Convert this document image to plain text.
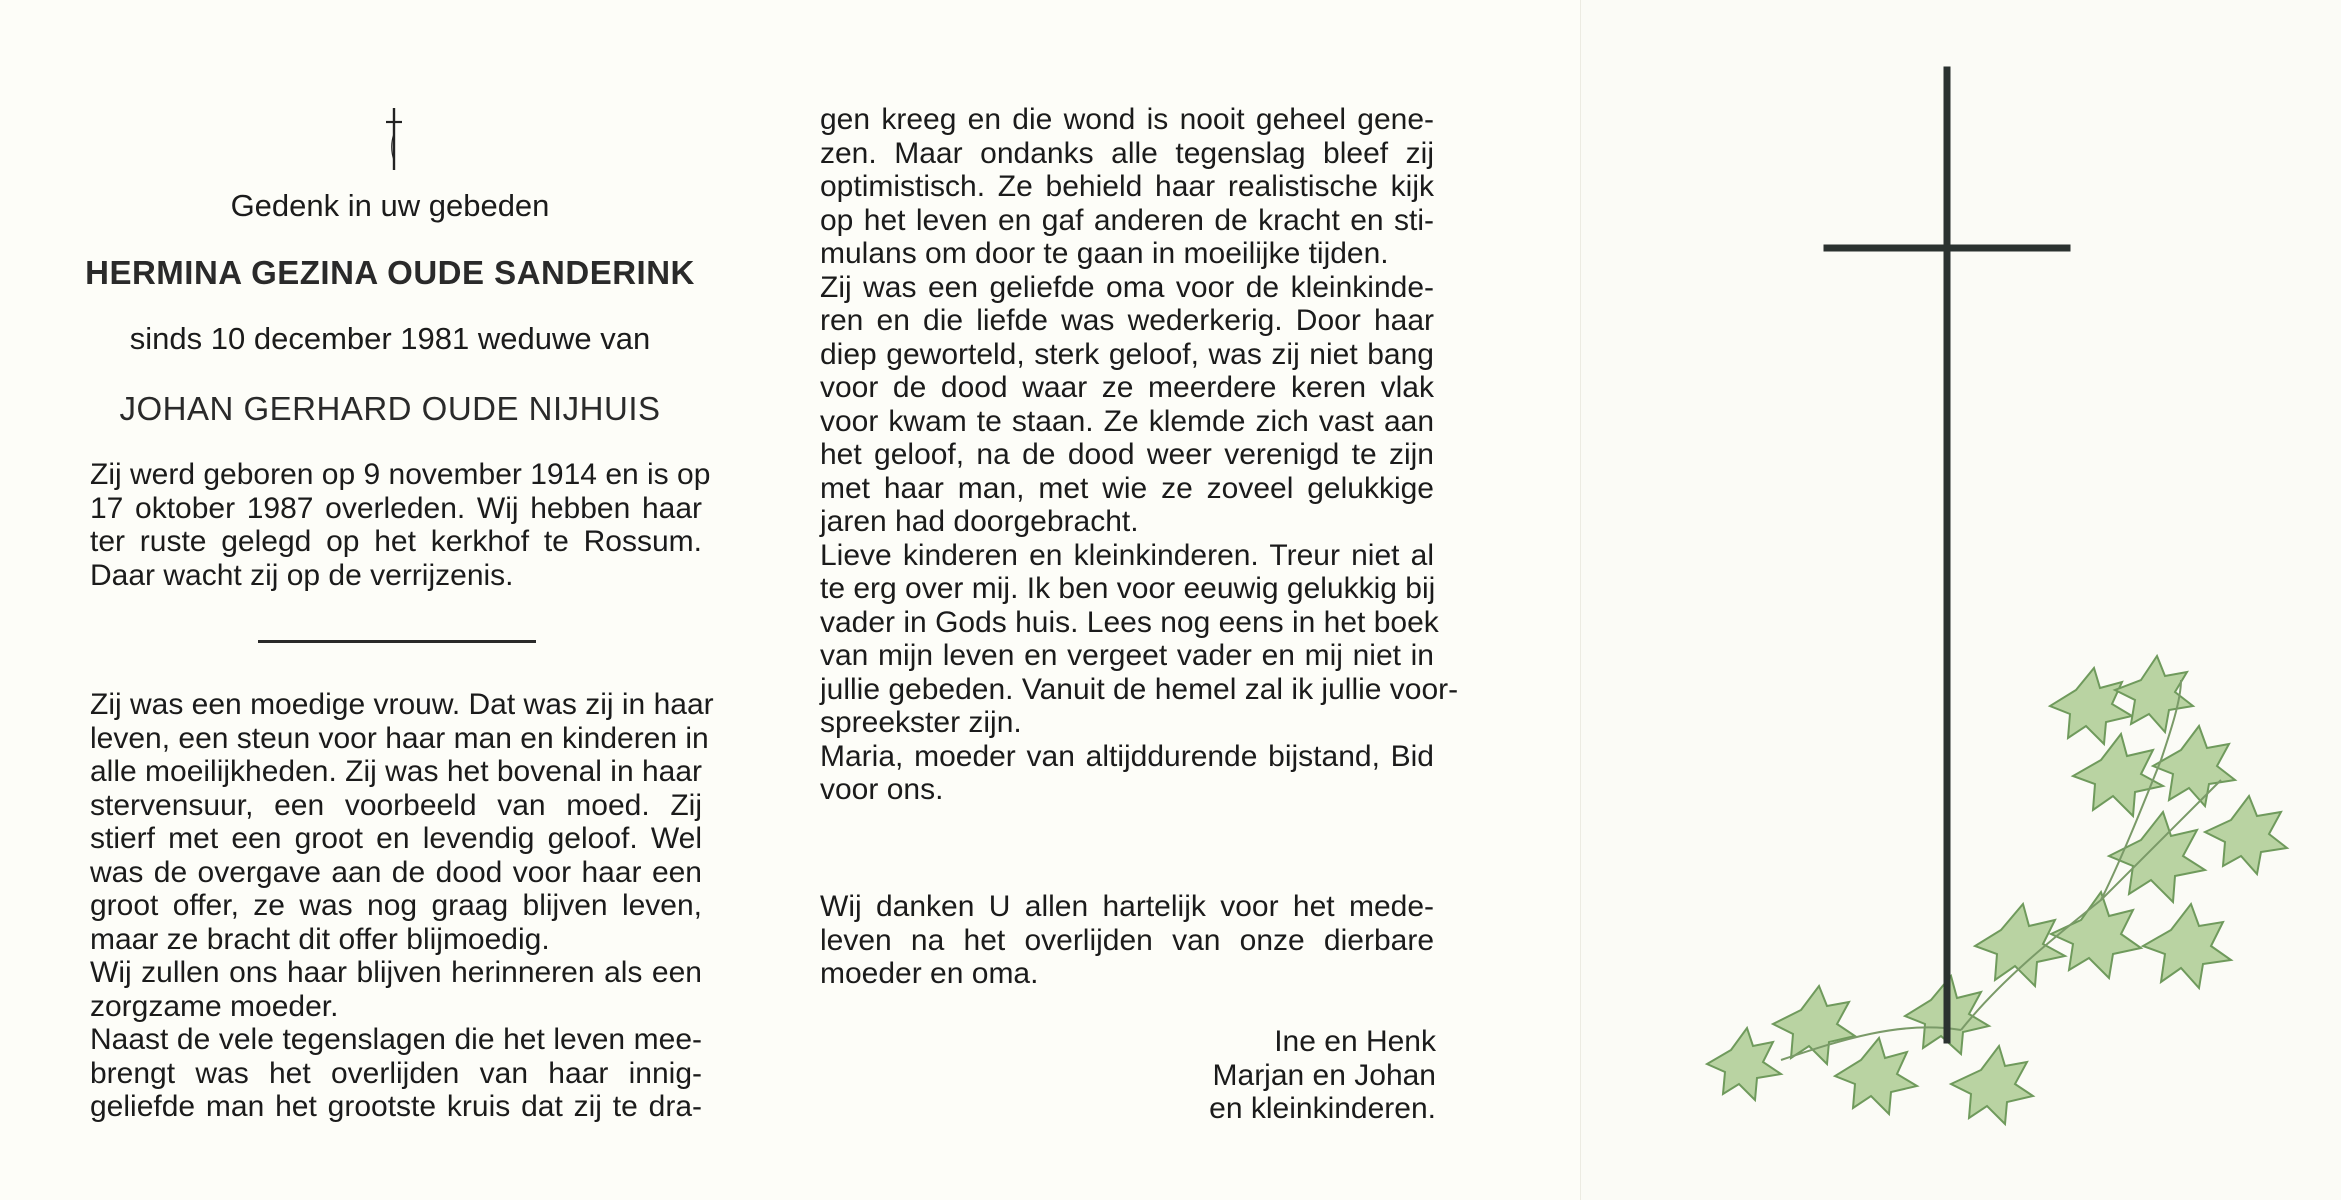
Gedenk in uw gebeden
HERMINA GEZINA OUDE SANDERINK
sinds 10 december 1981 weduwe van
JOHAN GERHARD OUDE NIJHUIS
Zij werd geboren op 9 november 1914 en is op
17 oktober 1987 overleden. Wij hebben haar
ter ruste gelegd op het kerkhof te Rossum.
Daar wacht zij op de verrijzenis.
Zij was een moedige vrouw. Dat was zij in haar
leven, een steun voor haar man en kinderen in
alle moeilijkheden. Zij was het bovenal in haar
stervensuur, een voorbeeld van moed. Zij
stierf met een groot en levendig geloof. Wel
was de overgave aan de dood voor haar een
groot offer, ze was nog graag blijven leven,
maar ze bracht dit offer blijmoedig.
Wij zullen ons haar blijven herinneren als een
zorgzame moeder.
Naast de vele tegenslagen die het leven mee-
brengt was het overlijden van haar innig-
geliefde man het grootste kruis dat zij te dra-
gen kreeg en die wond is nooit geheel gene-
zen. Maar ondanks alle tegenslag bleef zij
optimistisch. Ze behield haar realistische kijk
op het leven en gaf anderen de kracht en sti-
mulans om door te gaan in moeilijke tijden.
Zij was een geliefde oma voor de kleinkinde-
ren en die liefde was wederkerig. Door haar
diep geworteld, sterk geloof, was zij niet bang
voor de dood waar ze meerdere keren vlak
voor kwam te staan. Ze klemde zich vast aan
het geloof, na de dood weer verenigd te zijn
met haar man, met wie ze zoveel gelukkige
jaren had doorgebracht.
Lieve kinderen en kleinkinderen. Treur niet al
te erg over mij. Ik ben voor eeuwig gelukkig bij
vader in Gods huis. Lees nog eens in het boek
van mijn leven en vergeet vader en mij niet in
jullie gebeden. Vanuit de hemel zal ik jullie voor-
spreekster zijn.
Maria, moeder van altijddurende bijstand, Bid
voor ons.
Wij danken U allen hartelijk voor het mede-
leven na het overlijden van onze dierbare
moeder en oma.
Ine en Henk
Marjan en Johan
en kleinkinderen.
